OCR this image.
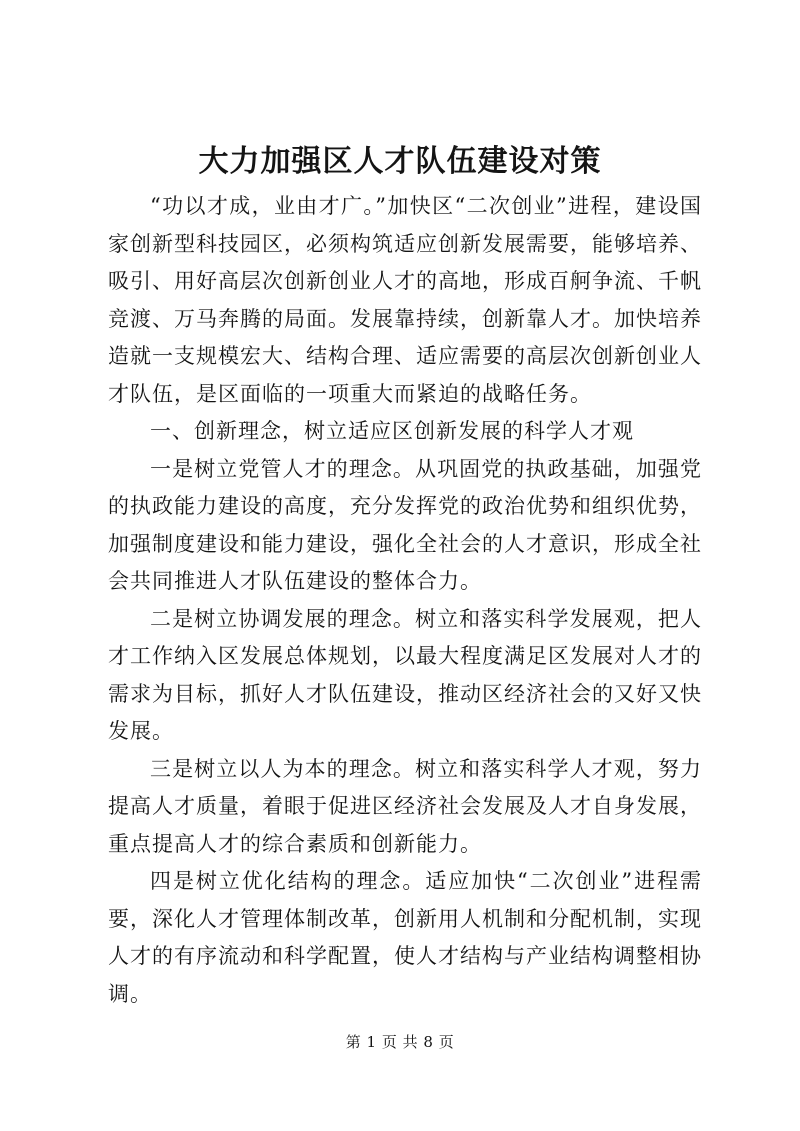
大力加强区人才队伍建设对策

“功以才成，业由才广。”加快区“二次创业”进程，建设国家创新型科技园区，必须构筑适应创新发展需要，能够培养、吸引、用好高层次创新创业人才的高地，形成百舸争流、千帆竞渡、万马奔腾的局面。发展靠持续，创新靠人才。加快培养造就一支规模宏大、结构合理、适应需要的高层次创新创业人才队伍，是区面临的一项重大而紧迫的战略任务。

一、创新理念，树立适应区创新发展的科学人才观

一是树立党管人才的理念。从巩固党的执政基础，加强党的执政能力建设的高度，充分发挥党的政治优势和组织优势，加强制度建设和能力建设，强化全社会的人才意识，形成全社会共同推进人才队伍建设的整体合力。

二是树立协调发展的理念。树立和落实科学发展观，把人才工作纳入区发展总体规划，以最大程度满足区发展对人才的需求为目标，抓好人才队伍建设，推动区经济社会的又好又快发展。

三是树立以人为本的理念。树立和落实科学人才观，努力提高人才质量，着眼于促进区经济社会发展及人才自身发展，重点提高人才的综合素质和创新能力。

四是树立优化结构的理念。适应加快“二次创业”进程需要，深化人才管理体制改革，创新用人机制和分配机制，实现人才的有序流动和科学配置，使人才结构与产业结构调整相协调。

第 1 页 共 8 页
